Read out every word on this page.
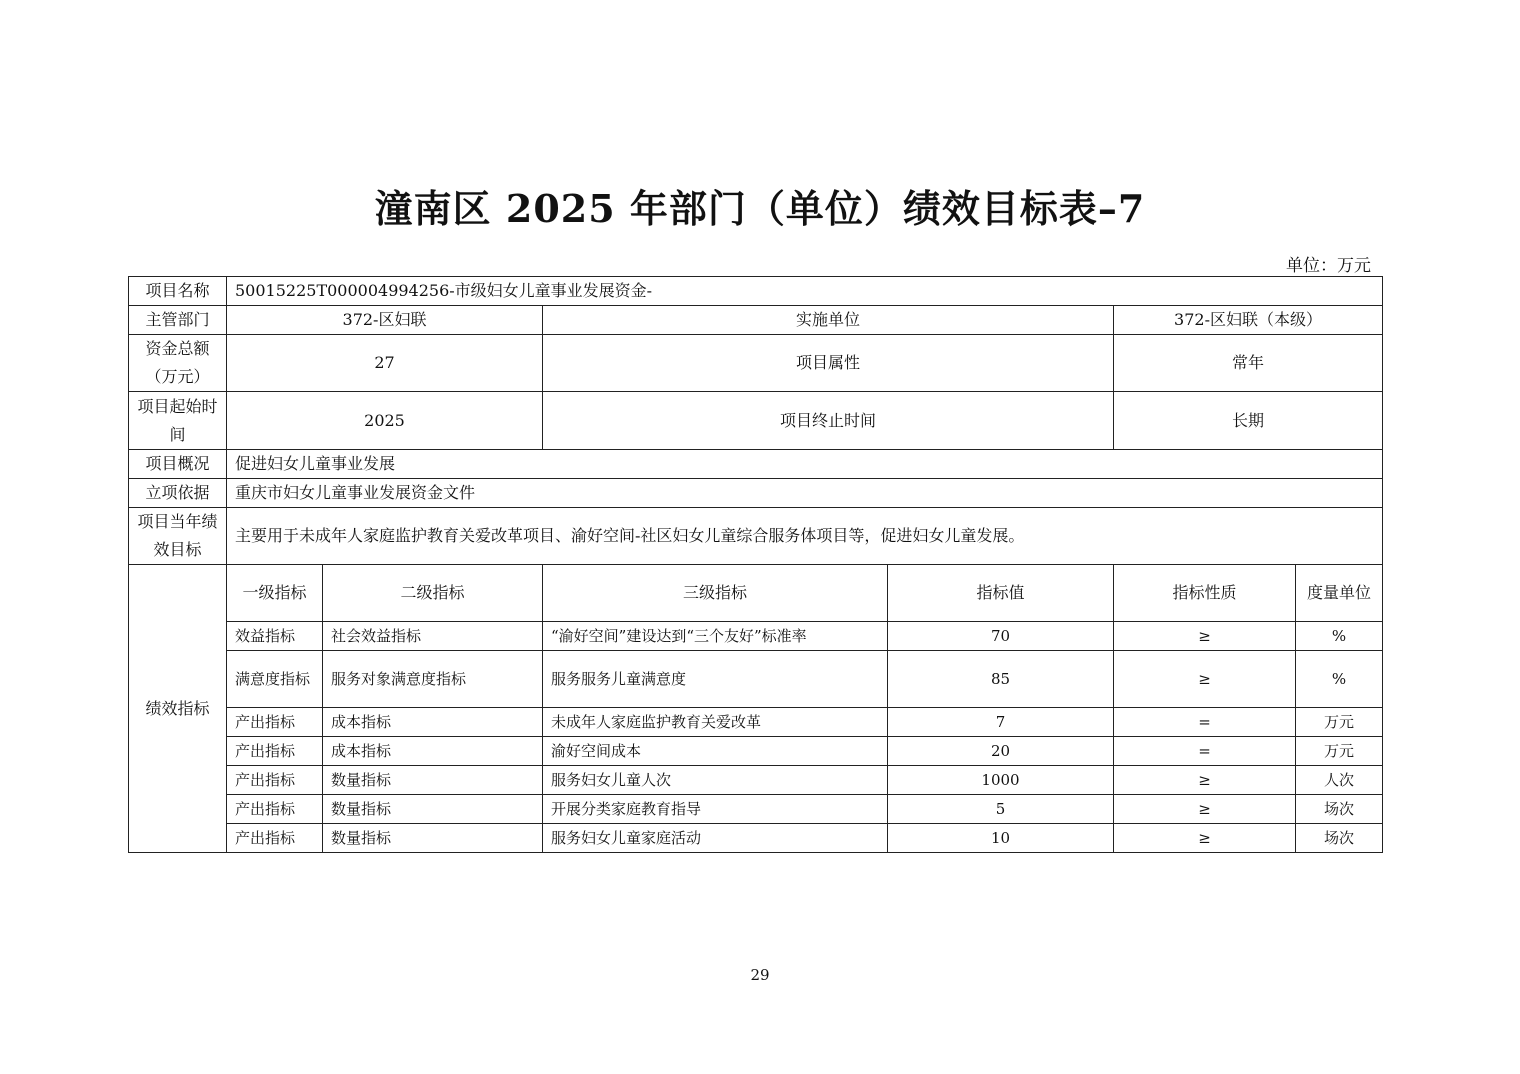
潼南区 2025 年部门（单位）绩效目标表–7
单位：万元
项目名称	50015225T000004994256-市级妇女儿童事业发展资金-					
主管部门	372-区妇联		实施单位		372-区妇联（本级）	
资金总额（万元）	27		项目属性		常年	
项目起始时间	2025		项目终止时间		长期	
项目概况	促进妇女儿童事业发展					
立项依据	重庆市妇女儿童事业发展资金文件					
项目当年绩效目标	主要用于未成年人家庭监护教育关爱改革项目、渝好空间-社区妇女儿童综合服务体项目等，促进妇女儿童发展。					
绩效指标	一级指标	二级指标	三级指标	指标值	指标性质	度量单位
	效益指标	社会效益指标	“渝好空间”建设达到“三个友好”标准率	70	≥	%
	满意度指标	服务对象满意度指标	服务服务儿童满意度	85	≥	%
	产出指标	成本指标	未成年人家庭监护教育关爱改革	7	=	万元
	产出指标	成本指标	渝好空间成本	20	=	万元
	产出指标	数量指标	服务妇女儿童人次	1000	≥	人次
	产出指标	数量指标	开展分类家庭教育指导	5	≥	场次
	产出指标	数量指标	服务妇女儿童家庭活动	10	≥	场次
29
